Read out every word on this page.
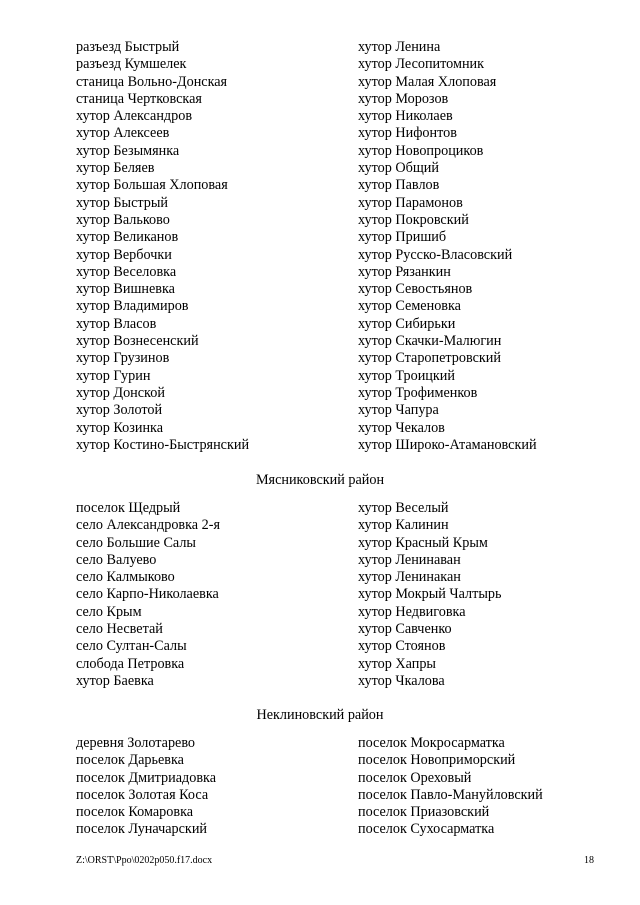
разъезд Быстрый
разъезд Кумшелек
станица Вольно-Донская
станица Чертковская
хутор Александров
хутор Алексеев
хутор Безымянка
хутор Беляев
хутор Большая Хлоповая
хутор Быстрый
хутор Вальково
хутор Великанов
хутор Вербочки
хутор Веселовка
хутор Вишневка
хутор Владимиров
хутор Власов
хутор Вознесенский
хутор Грузинов
хутор Гурин
хутор Донской
хутор Золотой
хутор Козинка
хутор Костино-Быстрянский
хутор Ленина
хутор Лесопитомник
хутор Малая Хлоповая
хутор Морозов
хутор Николаев
хутор Нифонтов
хутор Новопроциков
хутор Общий
хутор Павлов
хутор Парамонов
хутор Покровский
хутор Пришиб
хутор Русско-Власовский
хутор Рязанкин
хутор Севостьянов
хутор Семеновка
хутор Сибирьки
хутор Скачки-Малюгин
хутор Старопетровский
хутор Троицкий
хутор Трофименков
хутор Чапура
хутор Чекалов
хутор Широко-Атамановский
Мясниковский район
поселок Щедрый
село Александровка 2-я
село Большие Салы
село Валуево
село Калмыково
село Карпо-Николаевка
село Крым
село Несветай
село Султан-Салы
слобода Петровка
хутор Баевка
хутор Веселый
хутор Калинин
хутор Красный Крым
хутор Ленинаван
хутор Ленинакан
хутор Мокрый Чалтырь
хутор Недвиговка
хутор Савченко
хутор Стоянов
хутор Хапры
хутор Чкалова
Неклиновский район
деревня Золотарево
поселок Дарьевка
поселок Дмитриадовка
поселок Золотая Коса
поселок Комаровка
поселок Луначарский
поселок Мокросарматка
поселок Новоприморский
поселок Ореховый
поселок Павло-Мануйловский
поселок Приазовский
поселок Сухосарматка
Z:\ORST\Ppo\0202p050.f17.docx	18
